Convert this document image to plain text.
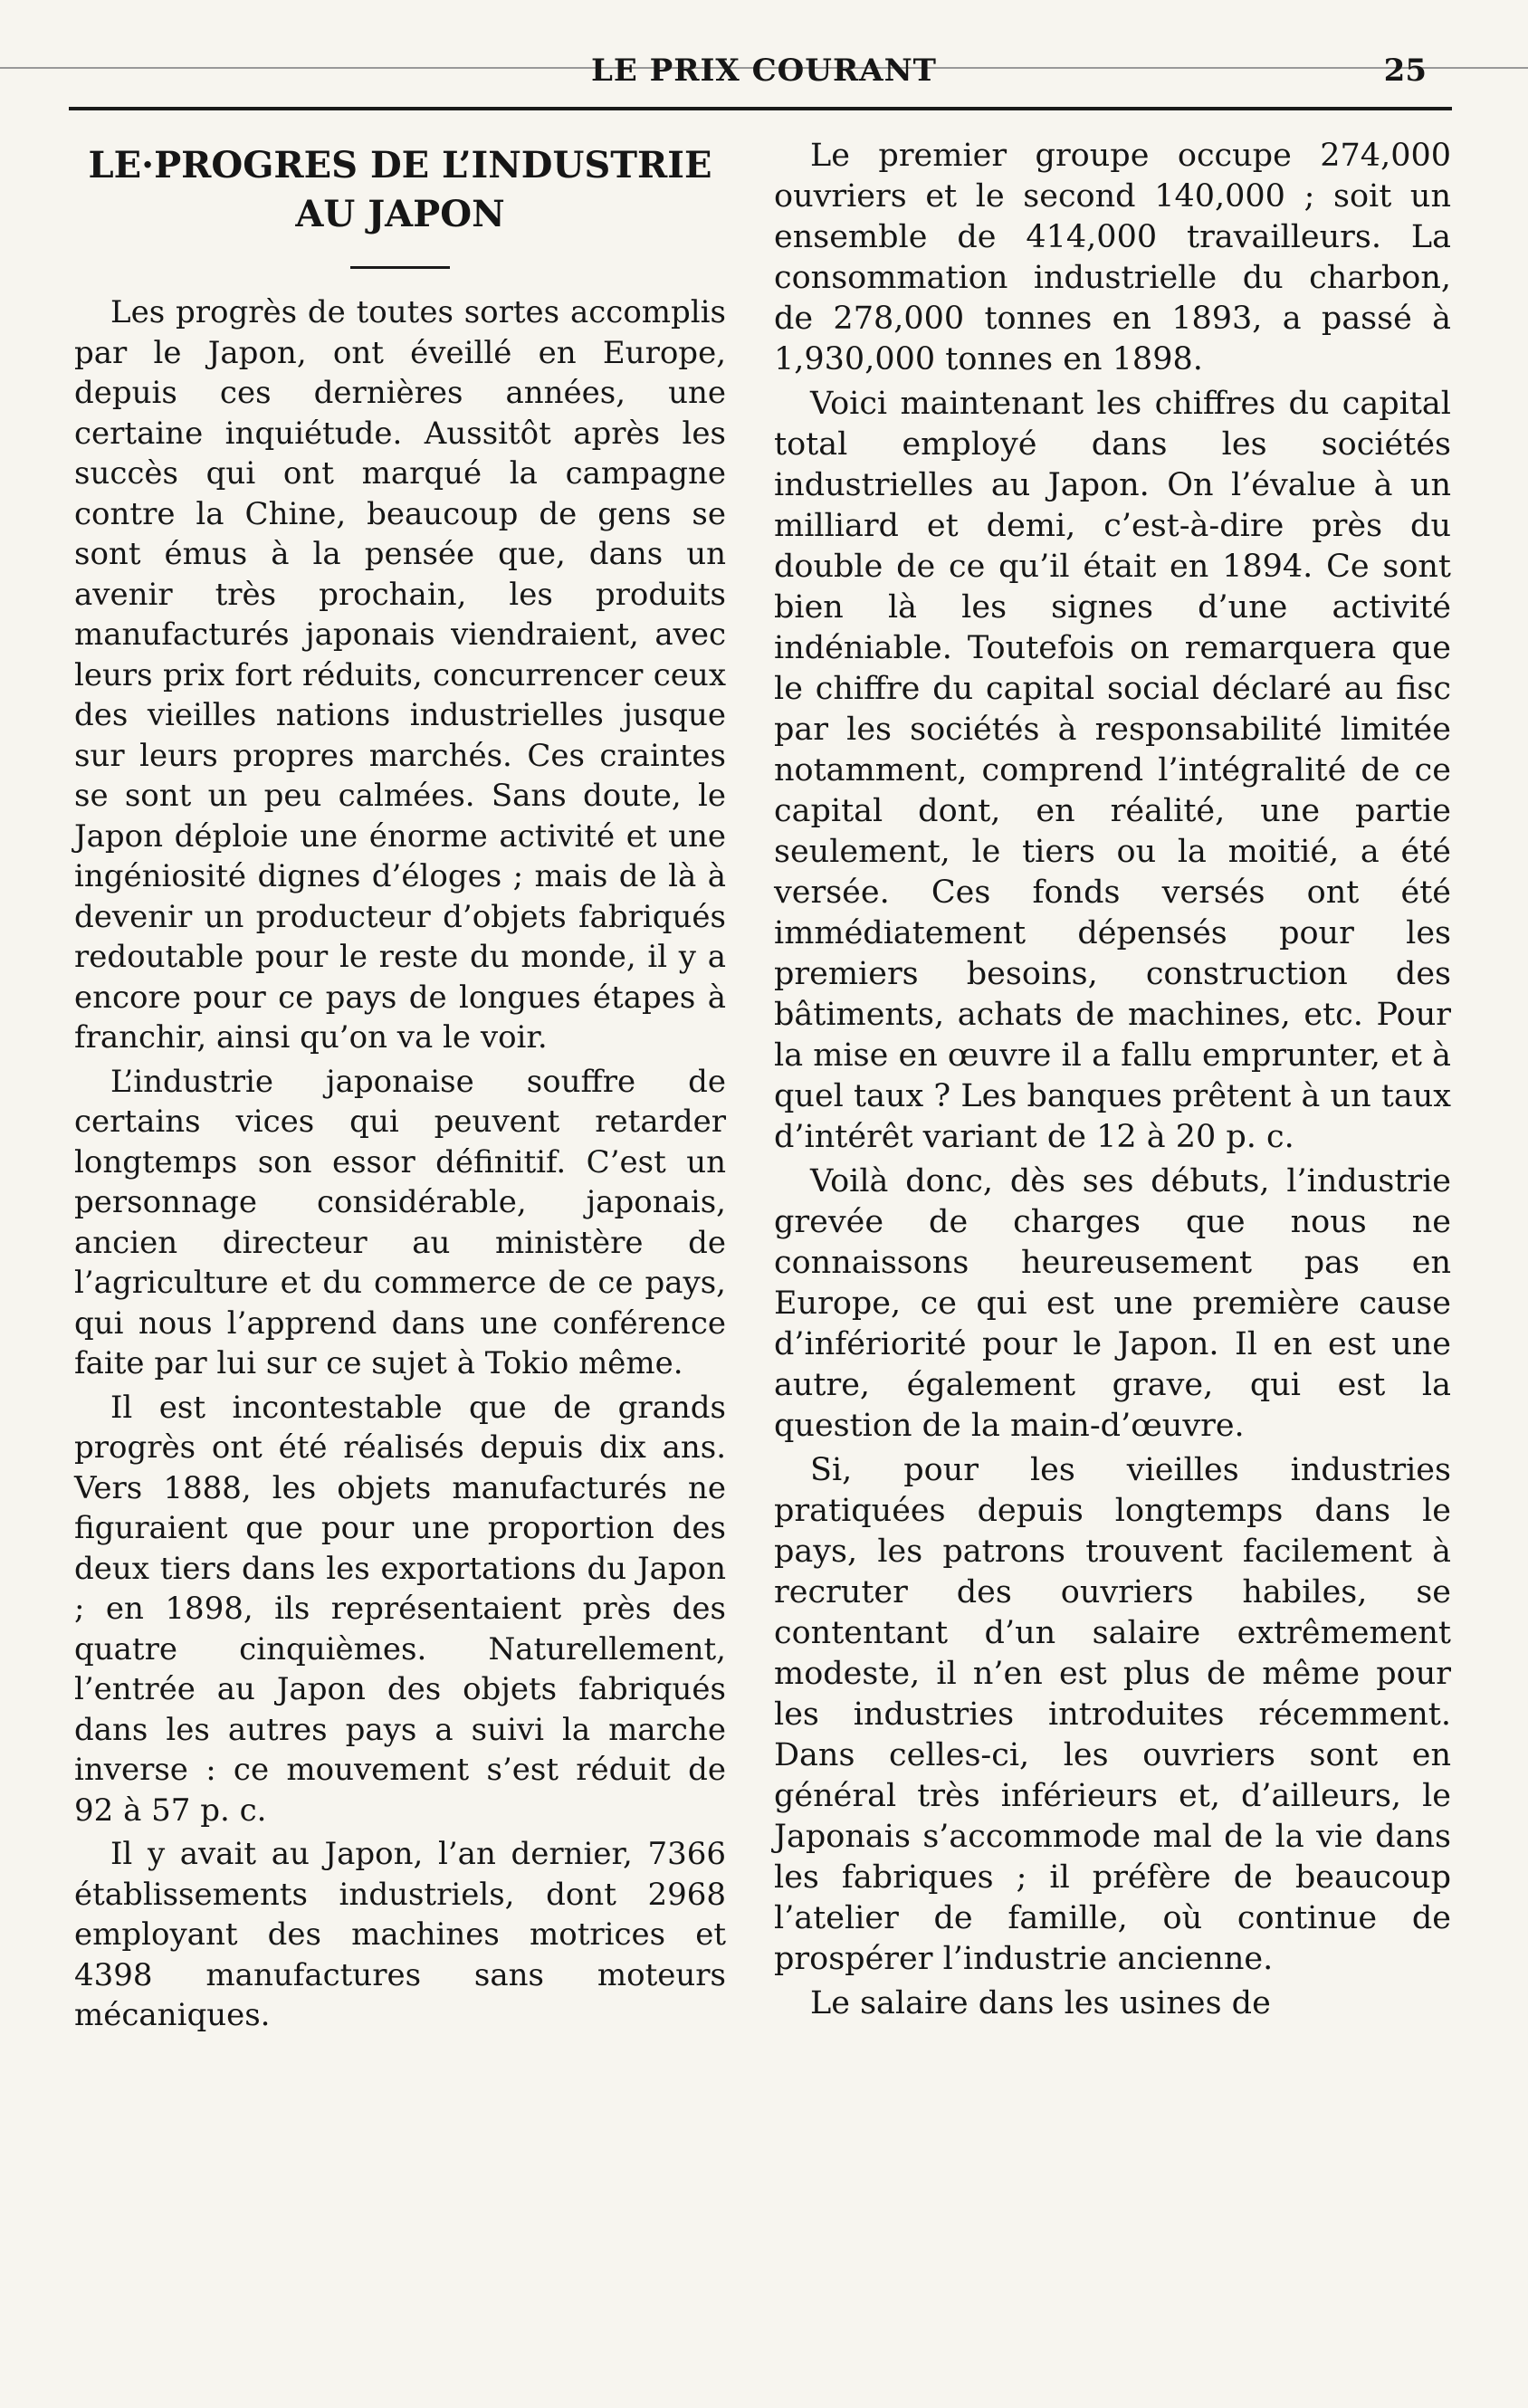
LE PRIX COURANT	25
LE·PROGRES DE L’INDUSTRIE
AU JAPON

Les progrès de toutes sortes accomplis par le Japon, ont éveillé en Europe, depuis ces dernières années, une certaine inquiétude. Aussitôt après les succès qui ont marqué la campagne contre la Chine, beaucoup de gens se sont émus à la pensée que, dans un avenir très prochain, les produits manufacturés japonais viendraient, avec leurs prix fort réduits, concurrencer ceux des vieilles nations industrielles jusque sur leurs propres marchés. Ces craintes se sont un peu calmées. Sans doute, le Japon déploie une énorme activité et une ingéniosité dignes d’éloges ; mais de là à devenir un producteur d’objets fabriqués redoutable pour le reste du monde, il y a encore pour ce pays de longues étapes à franchir, ainsi qu’on va le voir.

L’industrie japonaise souffre de certains vices qui peuvent retarder longtemps son essor définitif. C’est un personnage considérable, japonais, ancien directeur au ministère de l’agriculture et du commerce de ce pays, qui nous l’apprend dans une conférence faite par lui sur ce sujet à Tokio même.

Il est incontestable que de grands progrès ont été réalisés depuis dix ans. Vers 1888, les objets manufacturés ne figuraient que pour une proportion des deux tiers dans les exportations du Japon ; en 1898, ils représentaient près des quatre cinquièmes. Naturellement, l’entrée au Japon des objets fabriqués dans les autres pays a suivi la marche inverse : ce mouvement s’est réduit de 92 à 57 p. c.

Il y avait au Japon, l’an dernier, 7366 établissements industriels, dont 2968 employant des machines motrices et 4398 manufactures sans moteurs mécaniques.

Le premier groupe occupe 274,000 ouvriers et le second 140,000 ; soit un ensemble de 414,000 travailleurs. La consommation industrielle du charbon, de 278,000 tonnes en 1893, a passé à 1,930,000 tonnes en 1898.

Voici maintenant les chiffres du capital total employé dans les sociétés industrielles au Japon. On l’évalue à un milliard et demi, c’est-à-dire près du double de ce qu’il était en 1894. Ce sont bien là les signes d’une activité indéniable. Toutefois on remarquera que le chiffre du capital social déclaré au fisc par les sociétés à responsabilité limitée notamment, comprend l’intégralité de ce capital dont, en réalité, une partie seulement, le tiers ou la moitié, a été versée. Ces fonds versés ont été immédiatement dépensés pour les premiers besoins, construction des bâtiments, achats de machines, etc. Pour la mise en œuvre il a fallu emprunter, et à quel taux ? Les banques prêtent à un taux d’intérêt variant de 12 à 20 p. c.

Voilà donc, dès ses débuts, l’industrie grevée de charges que nous ne connaissons heureusement pas en Europe, ce qui est une première cause d’infériorité pour le Japon. Il en est une autre, également grave, qui est la question de la main-d’œuvre.

Si, pour les vieilles industries pratiquées depuis longtemps dans le pays, les patrons trouvent facilement à recruter des ouvriers habiles, se contentant d’un salaire extrêmement modeste, il n’en est plus de même pour les industries introduites récemment. Dans celles-ci, les ouvriers sont en général très inférieurs et, d’ailleurs, le Japonais s’accommode mal de la vie dans les fabriques ; il préfère de beaucoup l’atelier de famille, où continue de prospérer l’industrie ancienne.

Le salaire dans les usines de
